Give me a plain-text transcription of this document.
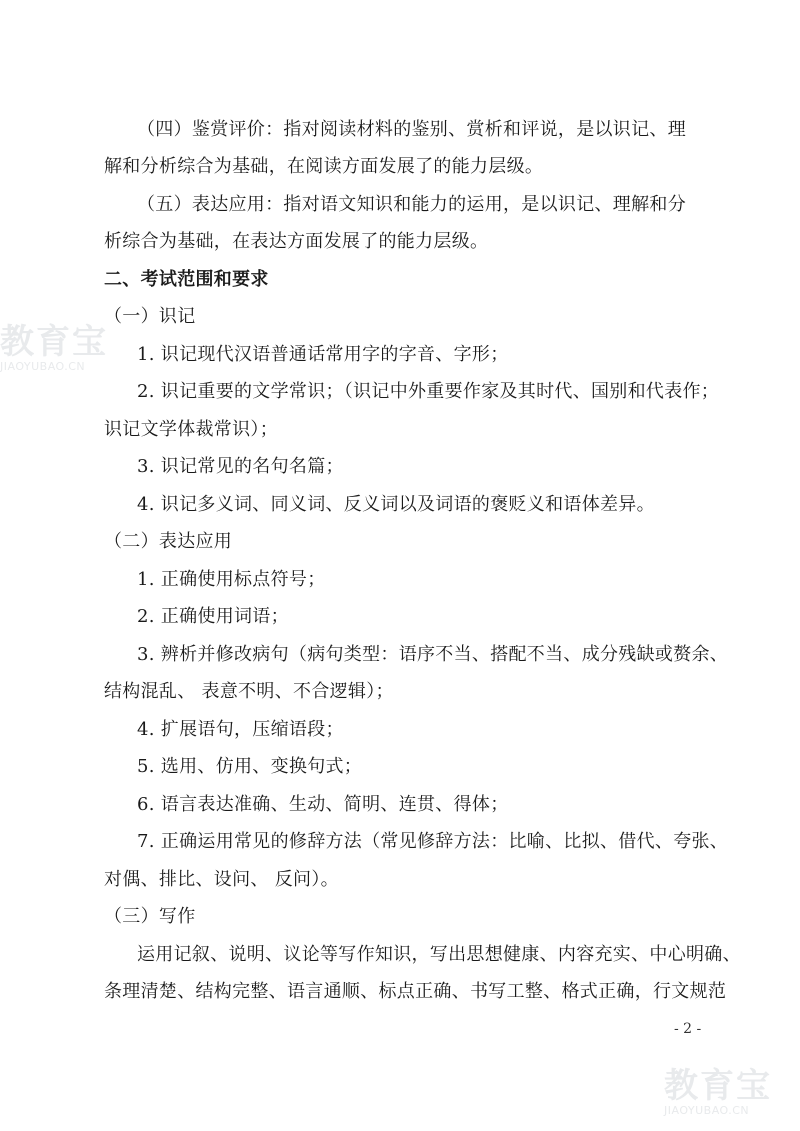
教育宝
JIAOYUBAO.CN
教育宝
JIAOYUBAO.CN
（四）鉴赏评价：指对阅读材料的鉴别、赏析和评说，是以识记、理
解和分析综合为基础，在阅读方面发展了的能力层级。
（五）表达应用：指对语文知识和能力的运用，是以识记、理解和分
析综合为基础，在表达方面发展了的能力层级。
二、考试范围和要求
（一）识记
1. 识记现代汉语普通话常用字的字音、字形；
2. 识记重要的文学常识；（识记中外重要作家及其时代、国别和代表作；
识记文学体裁常识）；
3. 识记常见的名句名篇；
4. 识记多义词、同义词、反义词以及词语的褒贬义和语体差异。
（二）表达应用
1. 正确使用标点符号；
2. 正确使用词语；
3. 辨析并修改病句（病句类型：语序不当、搭配不当、成分残缺或赘余、
结构混乱、 表意不明、不合逻辑）；
4. 扩展语句，压缩语段；
5. 选用、仿用、变换句式；
6. 语言表达准确、生动、简明、连贯、得体；
7. 正确运用常见的修辞方法（常见修辞方法：比喻、比拟、借代、夸张、
对偶、排比、设问、 反问）。
（三）写作
运用记叙、说明、议论等写作知识，写出思想健康、内容充实、中心明确、
条理清楚、结构完整、语言通顺、标点正确、书写工整、格式正确，行文规范
- 2 -
